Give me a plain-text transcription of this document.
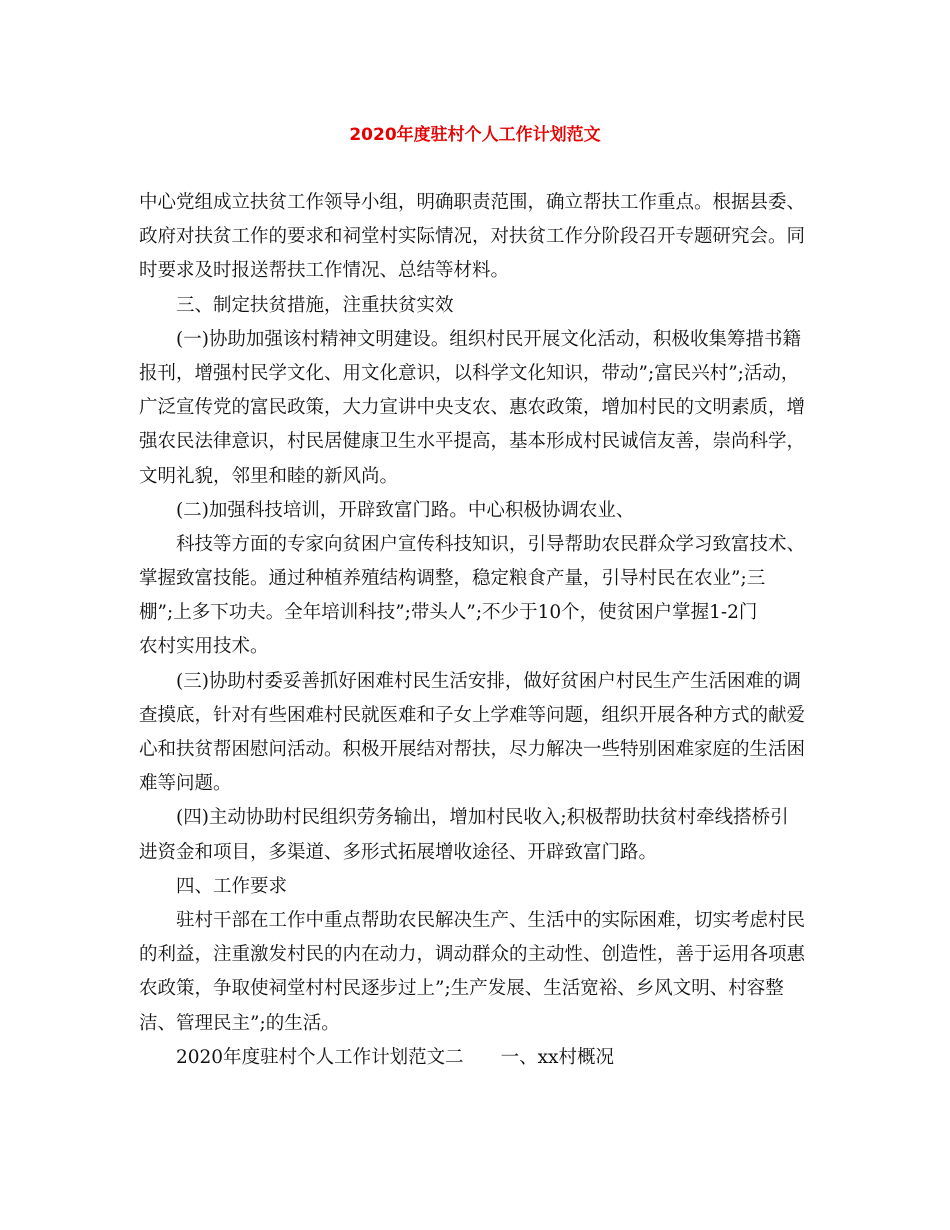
2020年度驻村个人工作计划范文
中心党组成立扶贫工作领导小组，明确职责范围，确立帮扶工作重点。根据县委、
政府对扶贫工作的要求和祠堂村实际情况，对扶贫工作分阶段召开专题研究会。同
时要求及时报送帮扶工作情况、总结等材料。
三、制定扶贫措施，注重扶贫实效
(一)协助加强该村精神文明建设。组织村民开展文化活动，积极收集筹措书籍
报刊，增强村民学文化、用文化意识，以科学文化知识，带动”;富民兴村”;活动，
广泛宣传党的富民政策，大力宣讲中央支农、惠农政策，增加村民的文明素质，增
强农民法律意识，村民居健康卫生水平提高，基本形成村民诚信友善，崇尚科学，
文明礼貌，邻里和睦的新风尚。
(二)加强科技培训，开辟致富门路。中心积极协调农业、
科技等方面的专家向贫困户宣传科技知识，引导帮助农民群众学习致富技术、
掌握致富技能。通过种植养殖结构调整，稳定粮食产量，引导村民在农业”;三
棚”;上多下功夫。全年培训科技”;带头人”;不少于10个，使贫困户掌握1-2门
农村实用技术。
(三)协助村委妥善抓好困难村民生活安排，做好贫困户村民生产生活困难的调
查摸底，针对有些困难村民就医难和子女上学难等问题，组织开展各种方式的献爱
心和扶贫帮困慰问活动。积极开展结对帮扶，尽力解决一些特别困难家庭的生活困
难等问题。
(四)主动协助村民组织劳务输出，增加村民收入;积极帮助扶贫村牵线搭桥引
进资金和项目，多渠道、多形式拓展增收途径、开辟致富门路。
四、工作要求
驻村干部在工作中重点帮助农民解决生产、生活中的实际困难，切实考虑村民
的利益，注重激发村民的内在动力，调动群众的主动性、创造性，善于运用各项惠
农政策，争取使祠堂村村民逐步过上”;生产发展、生活宽裕、乡风文明、村容整
洁、管理民主”;的生活。
2020年度驻村个人工作计划范文二　　一、xx村概况
